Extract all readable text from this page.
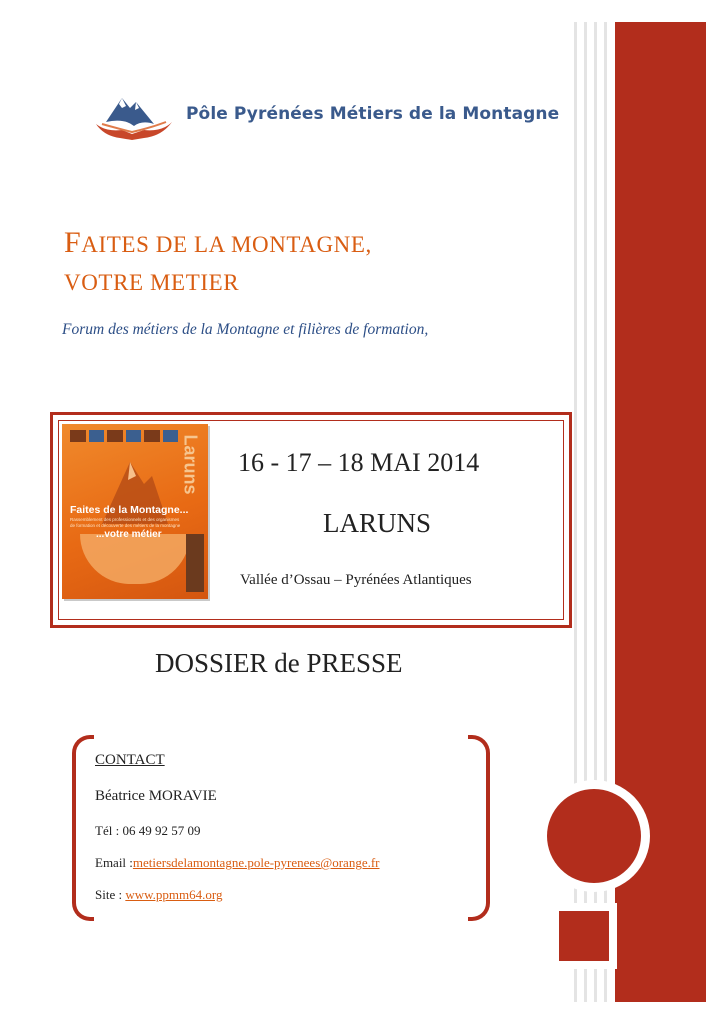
Pôle Pyrénées Métiers de la Montagne
FAITES DE LA MONTAGNE,
VOTRE METIER
Forum des métiers de la Montagne et filières de formation,
Laruns
Faites de la Montagne...
Rassemblement des professionnels et des organismes de formation et découverte des métiers de la montagne
...votre métier
16 - 17 – 18 MAI 2014
LARUNS
Vallée d’Ossau – Pyrénées Atlantiques
DOSSIER de PRESSE
CONTACT
Béatrice MORAVIE
Tél : 06 49 92 57 09
Email :metiersdelamontagne.pole-pyrenees@orange.fr
Site : www.ppmm64.org
